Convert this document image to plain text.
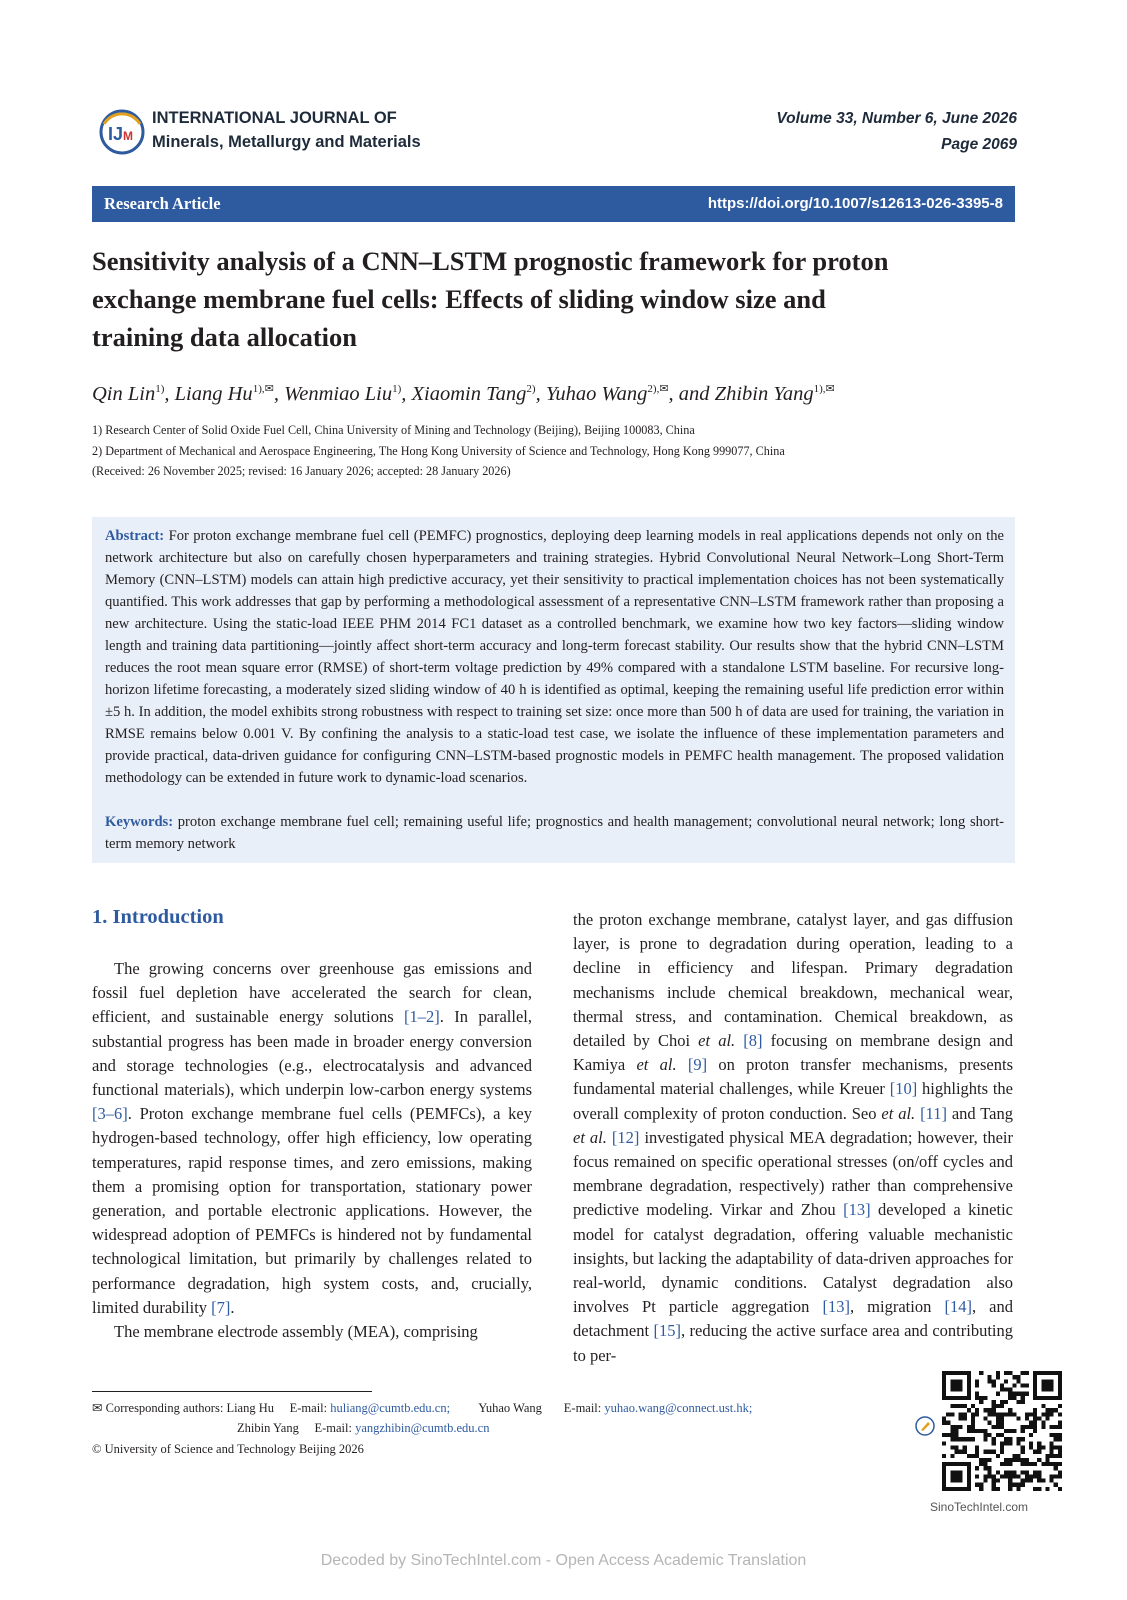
IJ M
INTERNATIONAL JOURNAL OF
Minerals, Metallurgy and Materials
Volume 33, Number 6, June 2026
Page 2069
Research Article	https://doi.org/10.1007/s12613-026-3395-8
Sensitivity analysis of a CNN–LSTM prognostic framework for proton
exchange membrane fuel cells: Effects of sliding window size and
training data allocation
Qin Lin$^{1)}$, Liang $Hu^{1),✉}$, Wenmiao Liu$^{1)}$, Xiaomin Tang$^{2)}$, Yuhao Wang$^{2),✉}$, and Zhibin Yang$^{1),✉}$
1) Research Center of Solid Oxide Fuel Cell, China University of Mining and Technology (Beijing), Beijing 100083, China
2) Department of Mechanical and Aerospace Engineering, The Hong Kong University of Science and Technology, Hong Kong 999077, China
(Received: 26 November 2025; revised: 16 January 2026; accepted: 28 January 2026)
Abstract: For proton exchange membrane fuel cell (PEMFC) prognostics, deploying deep learning models in real applications depends not only on the network architecture but also on carefully chosen hyperparameters and training strategies. Hybrid Convolutional Neural Network–Long Short-Term Memory (CNN–LSTM) models can attain high predictive accuracy, yet their sensitivity to practical implementation choices has not been systematically quantified. This work addresses that gap by performing a methodological assessment of a representative CNN–LSTM framework rather than proposing a new architecture. Using the static-load IEEE PHM 2014 FC1 dataset as a controlled benchmark, we examine how two key factors—sliding window length and training data partitioning—jointly affect short-term accuracy and long-term forecast stability. Our results show that the hybrid CNN–LSTM reduces the root mean square error (RMSE) of short-term voltage prediction by 49% compared with a standalone LSTM baseline. For recursive long-horizon lifetime forecasting, a moderately sized sliding window of 40 h is identified as optimal, keeping the remaining useful life prediction error within ±5 h. In addition, the model exhibits strong robustness with respect to training set size: once more than 500 h of data are used for training, the variation in RMSE remains below 0.001 V. By confining the analysis to a static-load test case, we isolate the influence of these implementation parameters and provide practical, data-driven guidance for configuring CNN–LSTM-based prognostic models in PEMFC health management. The proposed validation methodology can be extended in future work to dynamic-load scenarios.
Keywords: proton exchange membrane fuel cell; remaining useful life; prognostics and health management; convolutional neural network; long short-term memory network
1. Introduction

The growing concerns over greenhouse gas emissions and fossil fuel depletion have accelerated the search for clean, efficient, and sustainable energy solutions [1–2]. In parallel, substantial progress has been made in broader energy conversion and storage technologies (e.g., electrocatalysis and advanced functional materials), which underpin low-carbon energy systems [3–6]. Proton exchange membrane fuel cells (PEMFCs), a key hydrogen-based technology, offer high efficiency, low operating temperatures, rapid response times, and zero emissions, making them a promising option for transportation, stationary power generation, and portable electronic applications. However, the widespread adoption of PEMFCs is hindered not by fundamental technological limitation, but primarily by challenges related to performance degradation, high system costs, and, crucially, limited durability [7].

The membrane electrode assembly (MEA), comprising

the proton exchange membrane, catalyst layer, and gas diffusion layer, is prone to degradation during operation, leading to a decline in efficiency and lifespan. Primary degradation mechanisms include chemical breakdown, mechanical wear, thermal stress, and contamination. Chemical breakdown, as detailed by Choi et al. [8] focusing on membrane design and Kamiya et al. [9] on proton transfer mechanisms, presents fundamental material challenges, while Kreuer [10] highlights the overall complexity of proton conduction. Seo et al. [11] and Tang et al. [12] investigated physical MEA degradation; however, their focus remained on specific operational stresses (on/off cycles and membrane degradation, respectively) rather than comprehensive predictive modeling. Virkar and Zhou [13] developed a kinetic model for catalyst degradation, offering valuable mechanistic insights, but lacking the adaptability of data-driven approaches for real-world, dynamic conditions. Catalyst degradation also involves Pt particle aggregation [13], migration [14], and detachment [15], reducing the active surface area and contributing to per-

✉ Corresponding authors: Liang Hu E-mail: huliang@cumtb.edu.cn; Yuhao Wang E-mail: yuhao.wang@connect.ust.hk;
Zhibin Yang E-mail: yangzhibin@cumtb.edu.cn
© University of Science and Technology Beijing 2026
SinoTechIntel.com
Decoded by SinoTechIntel.com - Open Access Academic Translation
